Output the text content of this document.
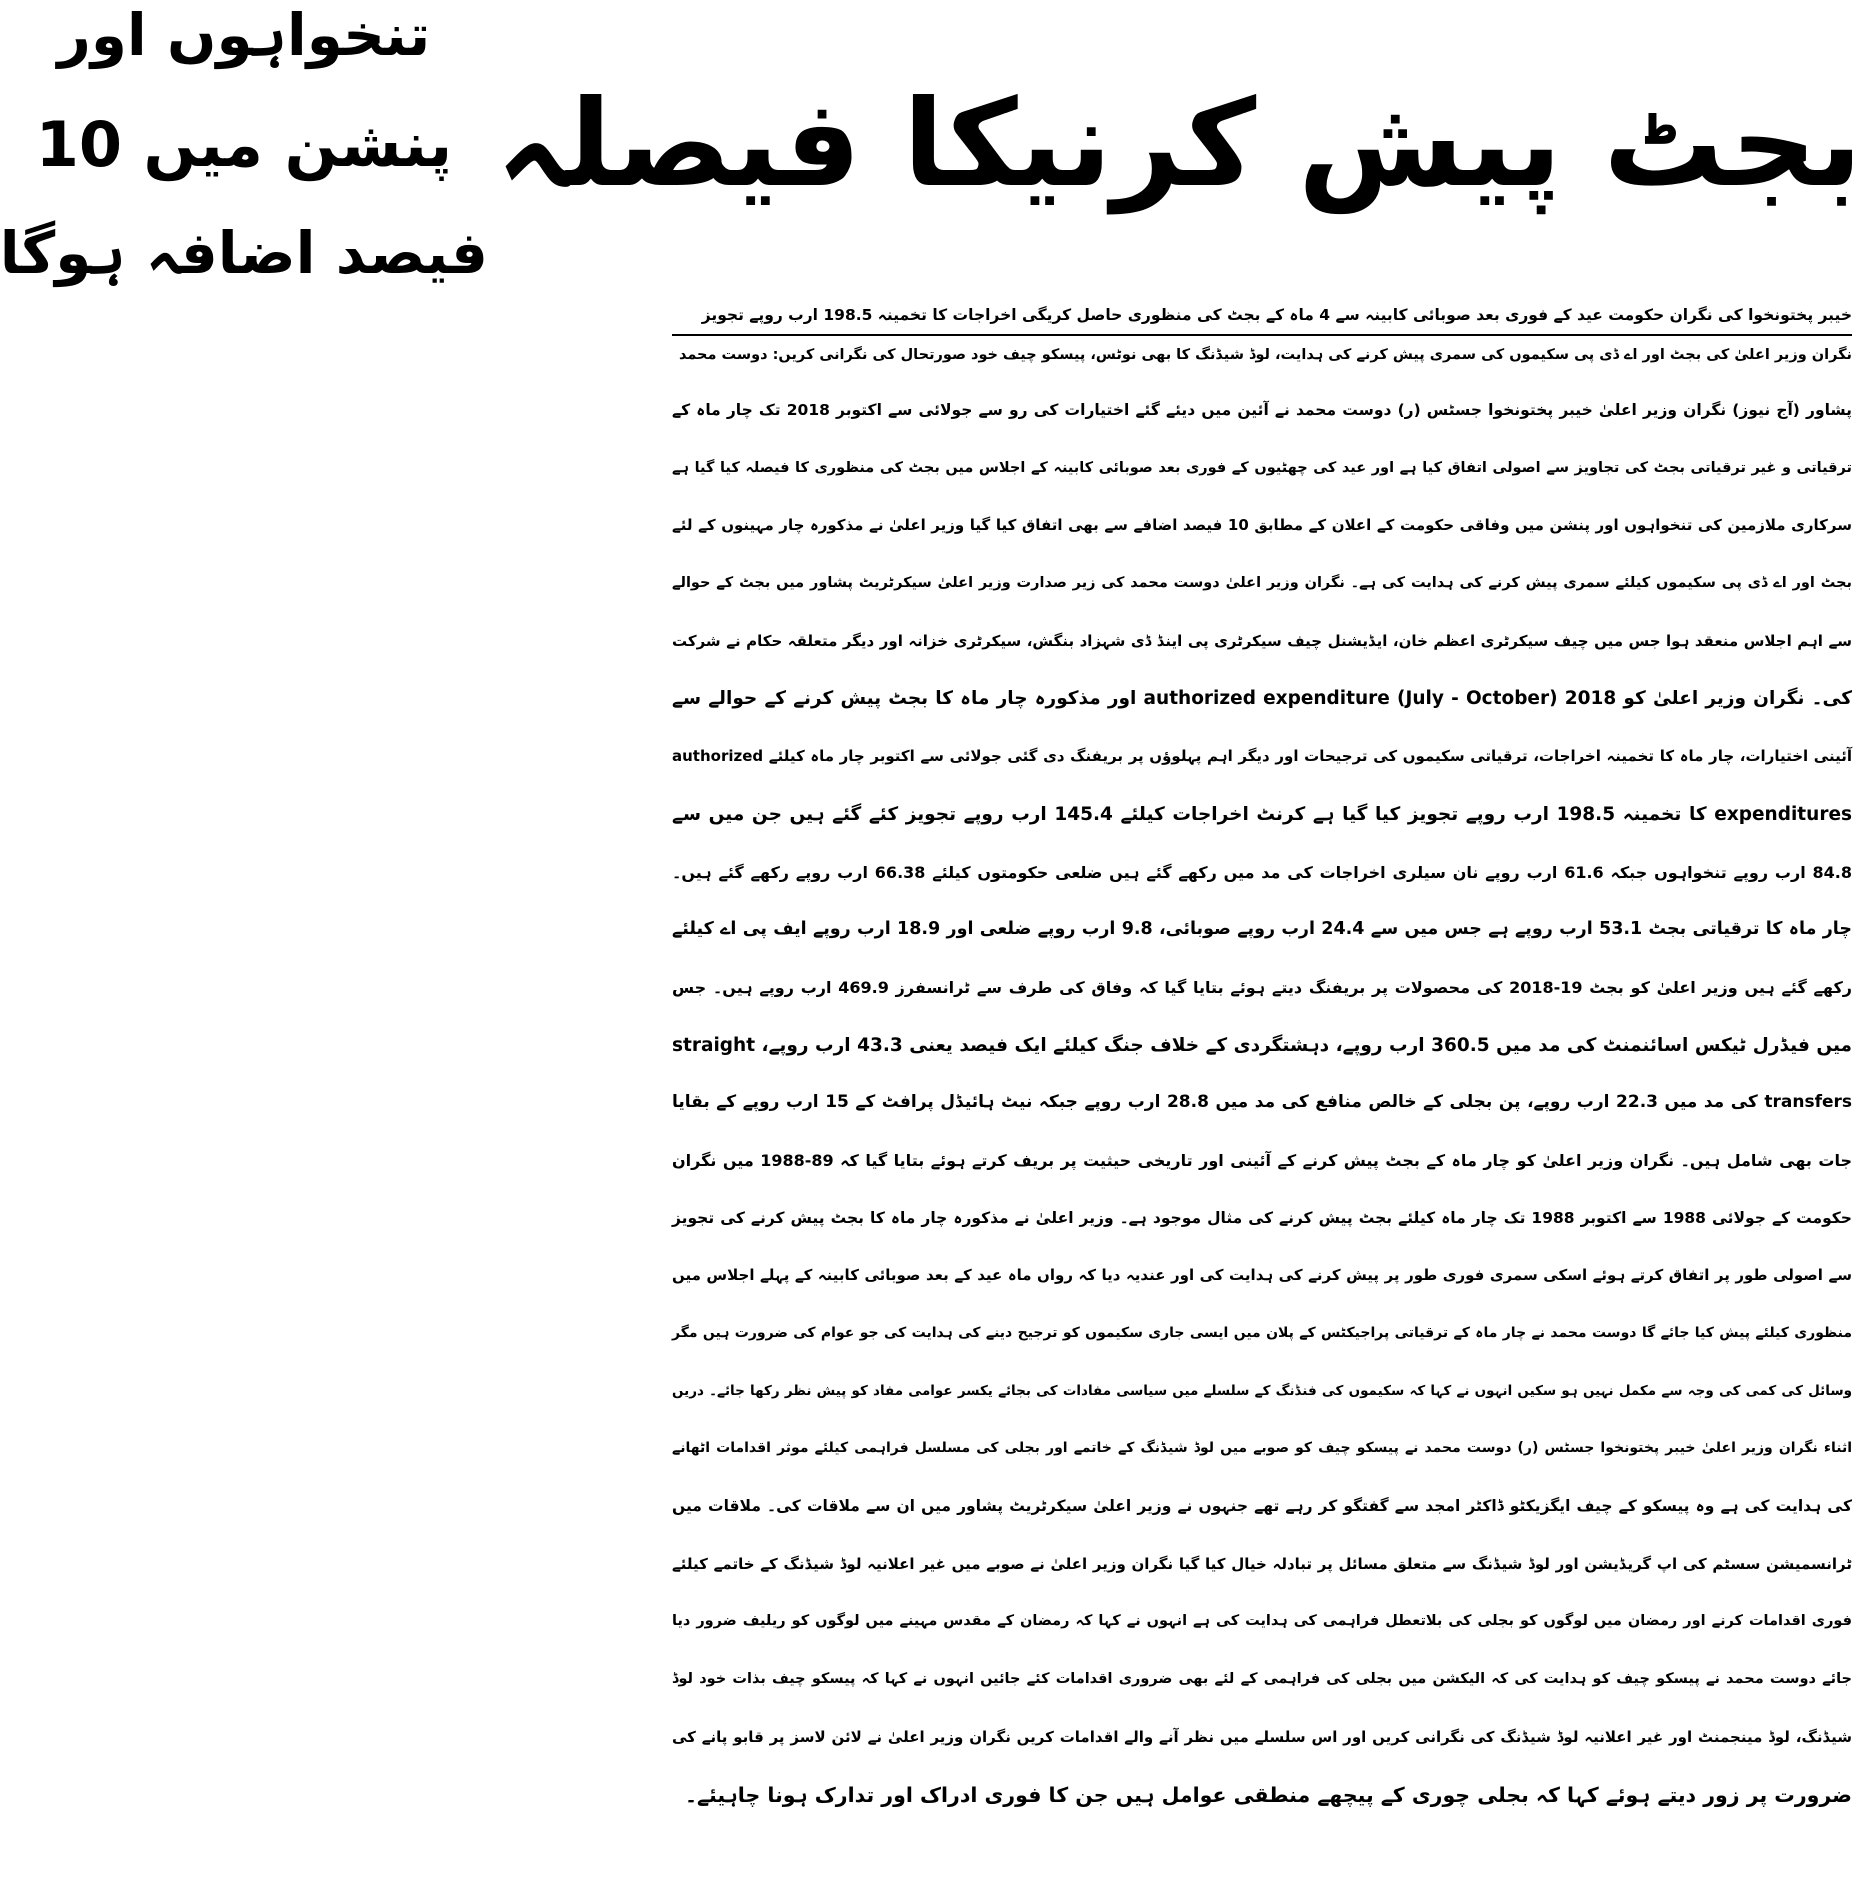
بجٹ پیش کرنیکا فیصلہ
تنخواہوں اور
پنشن میں 10
فیصد اضافہ ہوگا
خیبر پختونخوا کی نگران حکومت عید کے فوری بعد صوبائی کابینہ سے 4 ماہ کے بجٹ کی منظوری حاصل کریگی اخراجات کا تخمینہ 198.5 ارب روپے تجویز
نگران وزیر اعلیٰ کی بجٹ اور اے ڈی پی سکیموں کی سمری پیش کرنے کی ہدایت، لوڈ شیڈنگ کا بھی نوٹس، پیسکو چیف خود صورتحال کی نگرانی کریں: دوست محمد
پشاور (آج نیوز) نگران وزیر اعلیٰ خیبر پختونخوا جسٹس (ر) دوست محمد نے آئین میں دیئے گئے اختیارات کی رو سے جولائی سے اکتوبر 2018 تک چار ماہ کے
ترقیاتی و غیر ترقیاتی بجٹ کی تجاویز سے اصولی اتفاق کیا ہے اور عید کی چھٹیوں کے فوری بعد صوبائی کابینہ کے اجلاس میں بجٹ کی منظوری کا فیصلہ کیا گیا ہے
سرکاری ملازمین کی تنخواہوں اور پنشن میں وفاقی حکومت کے اعلان کے مطابق 10 فیصد اضافے سے بھی اتفاق کیا گیا وزیر اعلیٰ نے مذکورہ چار مہینوں کے لئے
بجٹ اور اے ڈی پی سکیموں کیلئے سمری پیش کرنے کی ہدایت کی ہے۔ نگران وزیر اعلیٰ دوست محمد کی زیر صدارت وزیر اعلیٰ سیکرٹریٹ پشاور میں بجٹ کے حوالے
سے اہم اجلاس منعقد ہوا جس میں چیف سیکرٹری اعظم خان، ایڈیشنل چیف سیکرٹری پی اینڈ ڈی شہزاد بنگش، سیکرٹری خزانہ اور دیگر متعلقہ حکام نے شرکت
کی۔ نگران وزیر اعلیٰ کو 2018 authorized expenditure (July - October) اور مذکورہ چار ماہ کا بجٹ پیش کرنے کے حوالے سے
آئینی اختیارات، چار ماہ کا تخمینہ اخراجات، ترقیاتی سکیموں کی ترجیحات اور دیگر اہم پہلوؤں پر بریفنگ دی گئی جولائی سے اکتوبر چار ماہ کیلئے authorized
expenditures کا تخمینہ 198.5 ارب روپے تجویز کیا گیا ہے کرنٹ اخراجات کیلئے 145.4 ارب روپے تجویز کئے گئے ہیں جن میں سے
84.8 ارب روپے تنخواہوں جبکہ 61.6 ارب روپے نان سیلری اخراجات کی مد میں رکھے گئے ہیں ضلعی حکومتوں کیلئے 66.38 ارب روپے رکھے گئے ہیں۔
چار ماہ کا ترقیاتی بجٹ 53.1 ارب روپے ہے جس میں سے 24.4 ارب روپے صوبائی، 9.8 ارب روپے ضلعی اور 18.9 ارب روپے ایف پی اے کیلئے
رکھے گئے ہیں وزیر اعلیٰ کو بجٹ 19-2018 کی محصولات پر بریفنگ دیتے ہوئے بتایا گیا کہ وفاق کی طرف سے ٹرانسفرز 469.9 ارب روپے ہیں۔ جس
میں فیڈرل ٹیکس اسائنمنٹ کی مد میں 360.5 ارب روپے، دہشتگردی کے خلاف جنگ کیلئے ایک فیصد یعنی 43.3 ارب روپے، straight
transfers کی مد میں 22.3 ارب روپے، پن بجلی کے خالص منافع کی مد میں 28.8 ارب روپے جبکہ نیٹ ہائیڈل پرافٹ کے 15 ارب روپے کے بقایا
جات بھی شامل ہیں۔ نگران وزیر اعلیٰ کو چار ماہ کے بجٹ پیش کرنے کے آئینی اور تاریخی حیثیت پر بریف کرتے ہوئے بتایا گیا کہ 89-1988 میں نگران
حکومت کے جولائی 1988 سے اکتوبر 1988 تک چار ماہ کیلئے بجٹ پیش کرنے کی مثال موجود ہے۔ وزیر اعلیٰ نے مذکورہ چار ماہ کا بجٹ پیش کرنے کی تجویز
سے اصولی طور پر اتفاق کرتے ہوئے اسکی سمری فوری طور پر پیش کرنے کی ہدایت کی اور عندیہ دیا کہ رواں ماہ عید کے بعد صوبائی کابینہ کے پہلے اجلاس میں
منظوری کیلئے پیش کیا جائے گا دوست محمد نے چار ماہ کے ترقیاتی پراجیکٹس کے پلان میں ایسی جاری سکیموں کو ترجیح دینے کی ہدایت کی جو عوام کی ضرورت ہیں مگر
وسائل کی کمی کی وجہ سے مکمل نہیں ہو سکیں انہوں نے کہا کہ سکیموں کی فنڈنگ کے سلسلے میں سیاسی مفادات کی بجائے یکسر عوامی مفاد کو پیش نظر رکھا جائے۔ دریں
اثناء نگران وزیر اعلیٰ خیبر پختونخوا جسٹس (ر) دوست محمد نے پیسکو چیف کو صوبے میں لوڈ شیڈنگ کے خاتمے اور بجلی کی مسلسل فراہمی کیلئے موثر اقدامات اٹھانے
کی ہدایت کی ہے وہ پیسکو کے چیف ایگزیکٹو ڈاکٹر امجد سے گفتگو کر رہے تھے جنہوں نے وزیر اعلیٰ سیکرٹریٹ پشاور میں ان سے ملاقات کی۔ ملاقات میں
ٹرانسمیشن سسٹم کی اپ گریڈیشن اور لوڈ شیڈنگ سے متعلق مسائل پر تبادلہ خیال کیا گیا نگران وزیر اعلیٰ نے صوبے میں غیر اعلانیہ لوڈ شیڈنگ کے خاتمے کیلئے
فوری اقدامات کرنے اور رمضان میں لوگوں کو بجلی کی بلاتعطل فراہمی کی ہدایت کی ہے انہوں نے کہا کہ رمضان کے مقدس مہینے میں لوگوں کو ریلیف ضرور دیا
جائے دوست محمد نے پیسکو چیف کو ہدایت کی کہ الیکشن میں بجلی کی فراہمی کے لئے بھی ضروری اقدامات کئے جائیں انہوں نے کہا کہ پیسکو چیف بذات خود لوڈ
شیڈنگ، لوڈ مینجمنٹ اور غیر اعلانیہ لوڈ شیڈنگ کی نگرانی کریں اور اس سلسلے میں نظر آنے والے اقدامات کریں نگران وزیر اعلیٰ نے لائن لاسز پر قابو پانے کی
ضرورت پر زور دیتے ہوئے کہا کہ بجلی چوری کے پیچھے منطقی عوامل ہیں جن کا فوری ادراک اور تدارک ہونا چاہیئے۔
